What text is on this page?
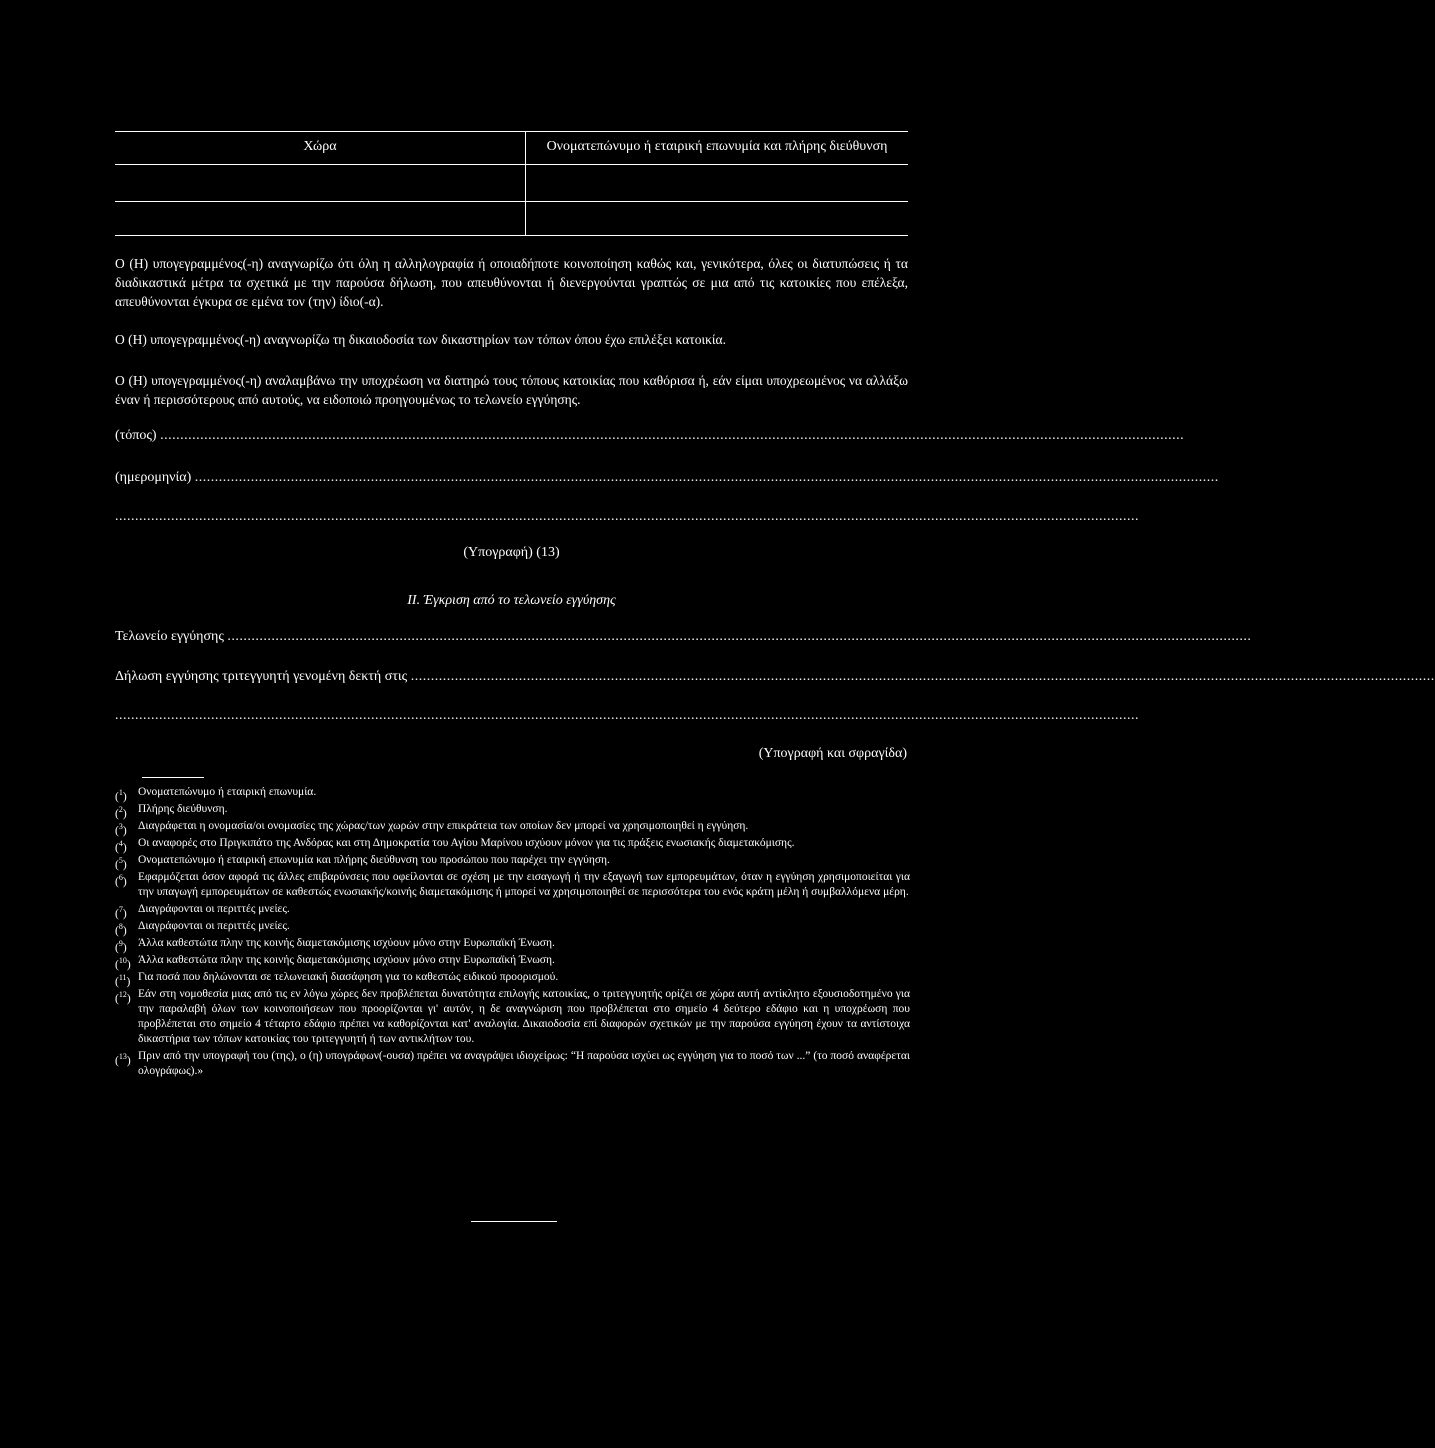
Χώρα	Ονοματεπώνυμο ή εταιρική επωνυμία και πλήρης διεύθυνση
Ο (Η) υπογεγραμμένος(-η) αναγνωρίζω ότι όλη η αλληλογραφία ή οποιαδήποτε κοινοποίηση καθώς και, γενικότερα, όλες οι διατυπώσεις ή τα διαδικαστικά μέτρα τα σχετικά με την παρούσα δήλωση, που απευθύνονται ή διενεργούνται γραπτώς σε μια από τις κατοικίες που επέλεξα, απευθύνονται έγκυρα σε εμένα τον (την) ίδιο(-α).
Ο (Η) υπογεγραμμένος(-η) αναγνωρίζω τη δικαιοδοσία των δικαστηρίων των τόπων όπου έχω επιλέξει κατοικία.
Ο (Η) υπογεγραμμένος(-η) αναλαμβάνω την υποχρέωση να διατηρώ τους τόπους κατοικίας που καθόρισα ή, εάν είμαι υποχρεωμένος να αλλάξω έναν ή περισσότερους από αυτούς, να ειδοποιώ προηγουμένως το τελωνείο εγγύησης.
(τόπος) ................................................................................................................................................................................................................................................................
(ημερομηνία) ................................................................................................................................................................................................................................................................
................................................................................................................................................................................................................................................................
(Υπογραφή) (13)
II. Έγκριση από το τελωνείο εγγύησης
Τελωνείο εγγύησης ................................................................................................................................................................................................................................................................
Δήλωση εγγύησης τριτεγγυητή γενομένη δεκτή στις ................................................................................................................................................................................................................................................................
................................................................................................................................................................................................................................................................
(Υπογραφή και σφραγίδα)
($^1$) Ονοματεπώνυμο ή εταιρική επωνυμία.
($^2$) Πλήρης διεύθυνση.
($^3$) Διαγράφεται η ονομασία/οι ονομασίες της χώρας/των χωρών στην επικράτεια των οποίων δεν μπορεί να χρησιμοποιηθεί η εγγύηση.
($^4$) Οι αναφορές στο Πριγκιπάτο της Ανδόρας και στη Δημοκρατία του Αγίου Μαρίνου ισχύουν μόνον για τις πράξεις ενωσιακής διαμετακόμισης.
($^5$) Ονοματεπώνυμο ή εταιρική επωνυμία και πλήρης διεύθυνση του προσώπου που παρέχει την εγγύηση.
($^6$) Εφαρμόζεται όσον αφορά τις άλλες επιβαρύνσεις που οφείλονται σε σχέση με την εισαγωγή ή την εξαγωγή των εμπορευμάτων, όταν η εγγύηση χρησιμοποιείται για την υπαγωγή εμπορευμάτων σε καθεστώς ενωσιακής/κοινής διαμετακόμισης ή μπορεί να χρησιμοποιηθεί σε περισσότερα του ενός κράτη μέλη ή συμβαλλόμενα μέρη.
($^7$) Διαγράφονται οι περιττές μνείες.
($^8$) Διαγράφονται οι περιττές μνείες.
($^9$) Άλλα καθεστώτα πλην της κοινής διαμετακόμισης ισχύουν μόνο στην Ευρωπαϊκή Ένωση.
($^{10}$) Άλλα καθεστώτα πλην της κοινής διαμετακόμισης ισχύουν μόνο στην Ευρωπαϊκή Ένωση.
($^{11}$) Για ποσά που δηλώνονται σε τελωνειακή διασάφηση για το καθεστώς ειδικού προορισμού.
($^{12}$) Εάν στη νομοθεσία μιας από τις εν λόγω χώρες δεν προβλέπεται δυνατότητα επιλογής κατοικίας, ο τριτεγγυητής ορίζει σε χώρα αυτή αντίκλητο εξουσιοδοτημένο για την παραλαβή όλων των κοινοποιήσεων που προορίζονται γι' αυτόν, η δε αναγνώριση που προβλέπεται στο σημείο 4 δεύτερο εδάφιο και η υποχρέωση που προβλέπεται στο σημείο 4 τέταρτο εδάφιο πρέπει να καθορίζονται κατ' αναλογία. Δικαιοδοσία επί διαφορών σχετικών με την παρούσα εγγύηση έχουν τα αντίστοιχα δικαστήρια των τόπων κατοικίας του τριτεγγυητή ή των αντικλήτων του.
($^{13}$) Πριν από την υπογραφή του (της), ο (η) υπογράφων(-ουσα) πρέπει να αναγράψει ιδιοχείρως: “Η παρούσα ισχύει ως εγγύηση για το ποσό των ...” (το ποσό αναφέρεται ολογράφως).»
